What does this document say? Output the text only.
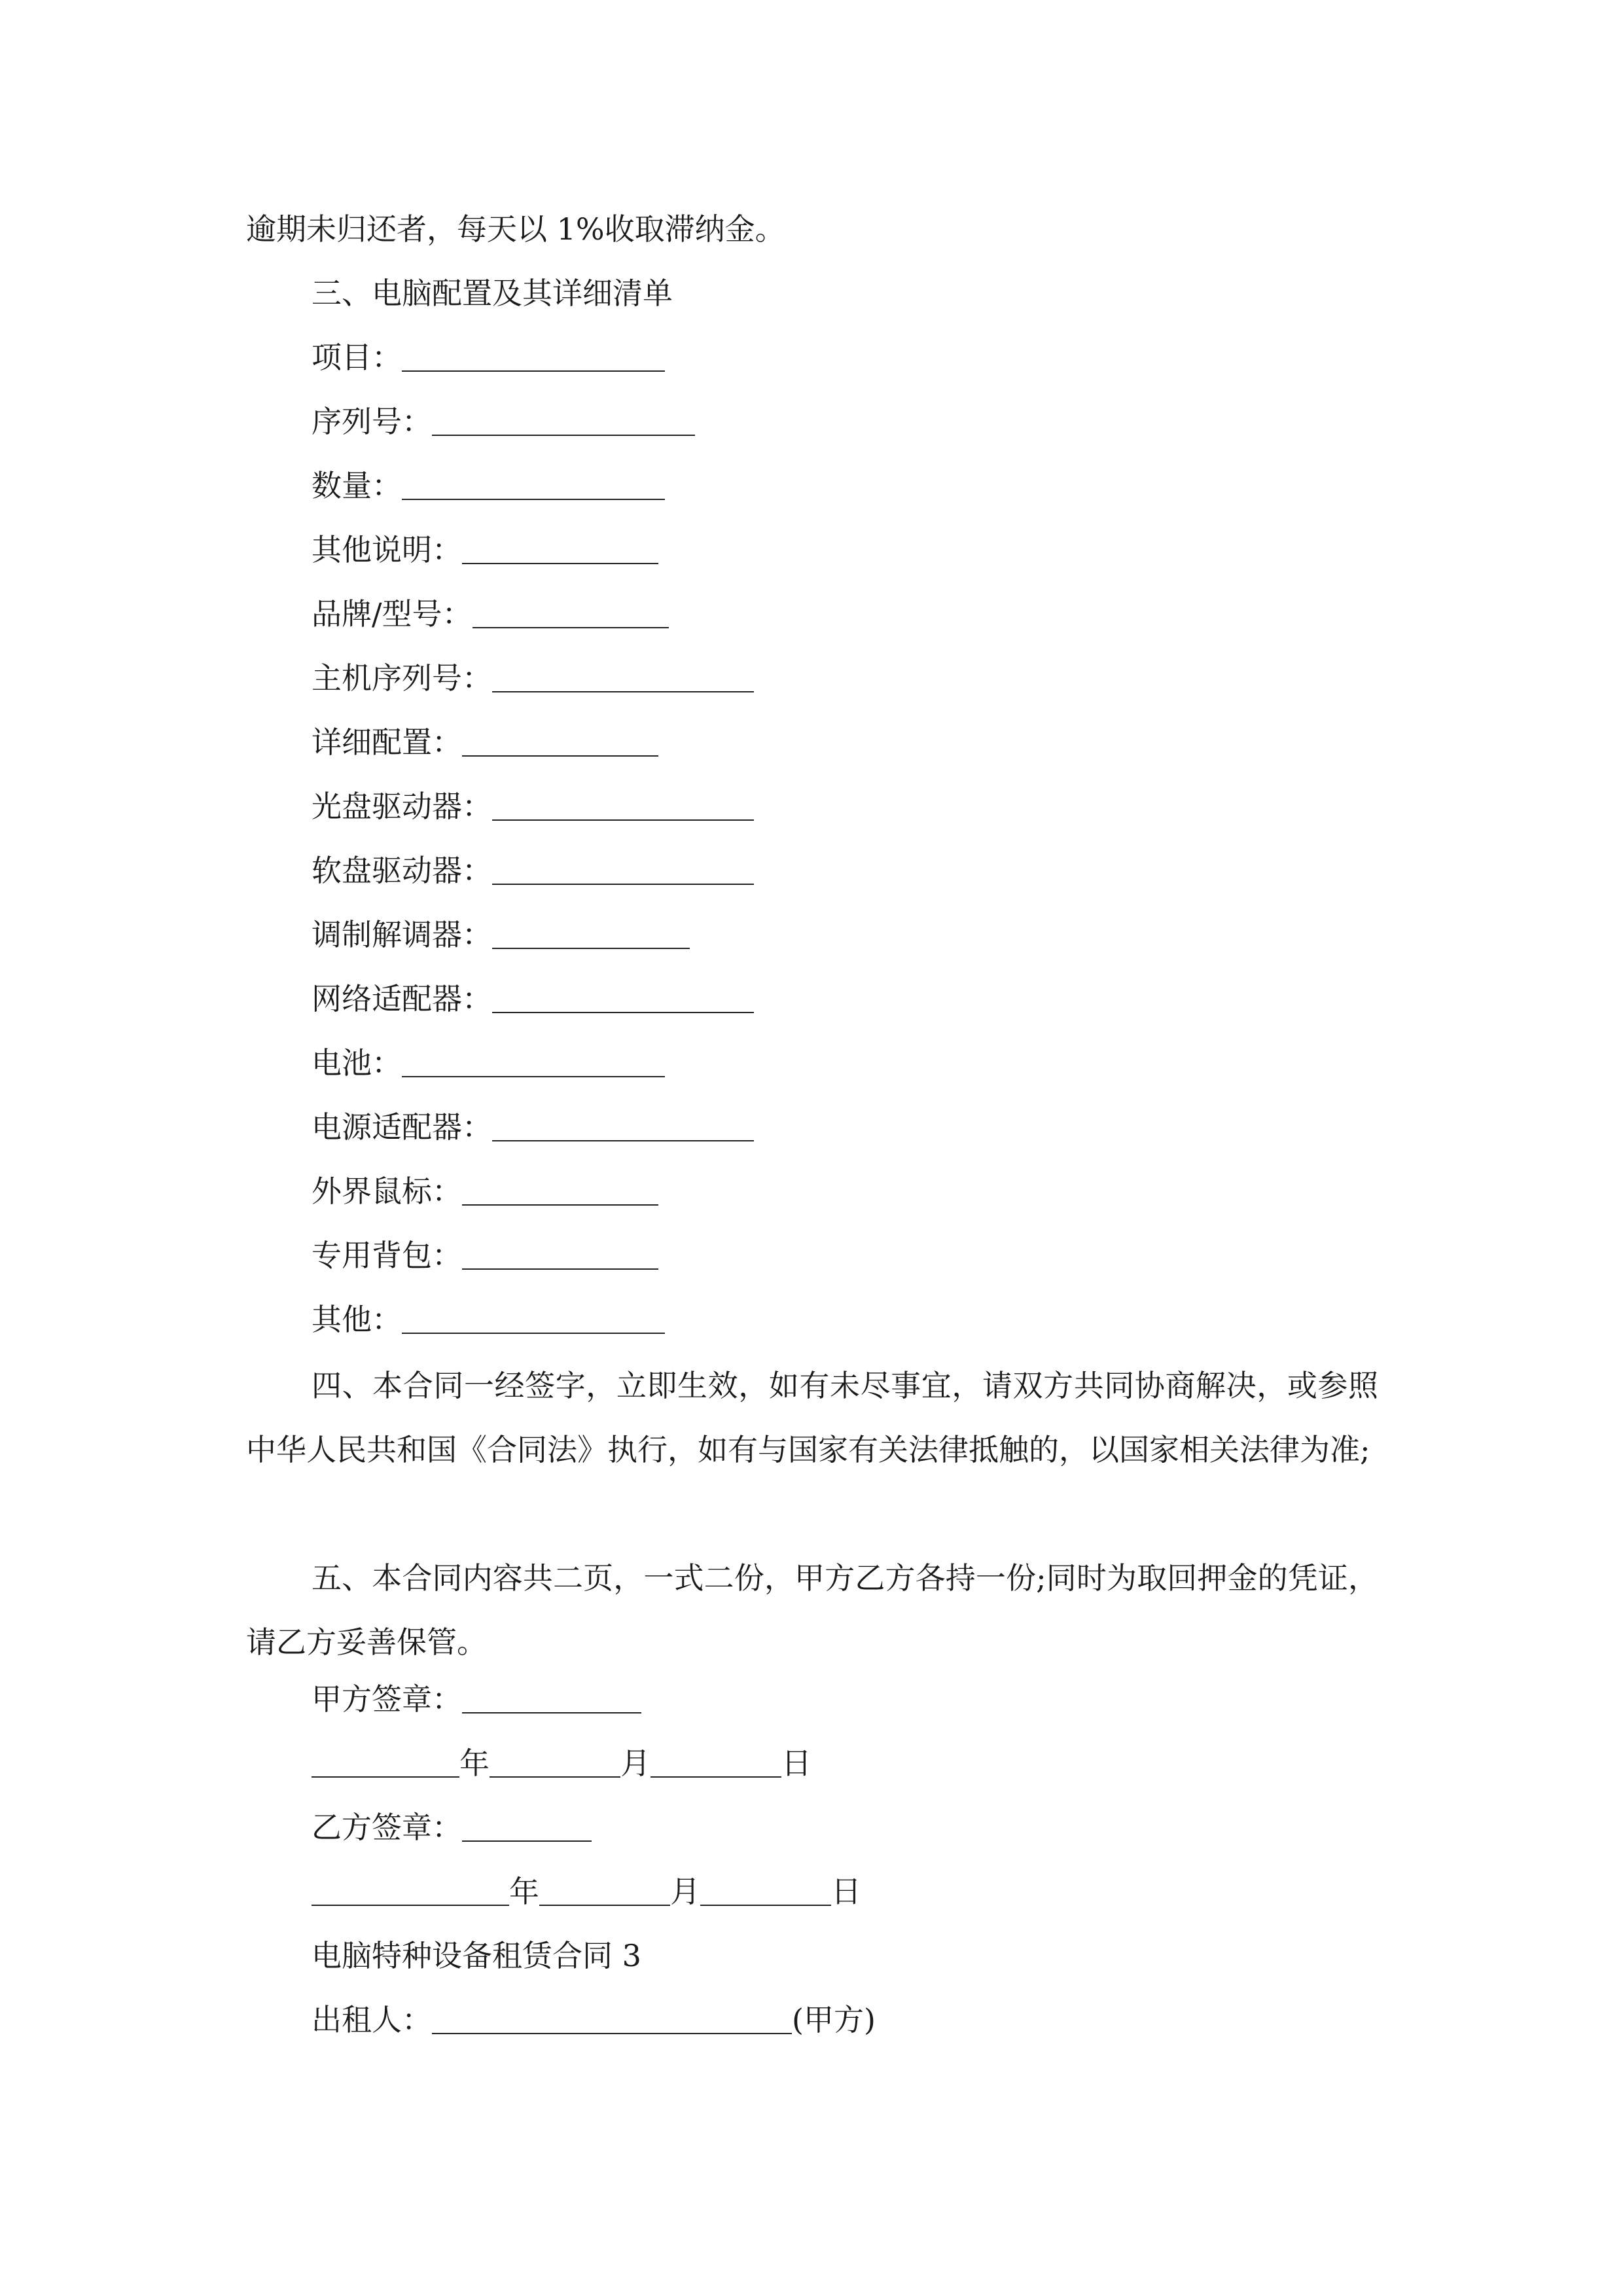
逾期未归还者，每天以 1%收取滞纳金。
三、电脑配置及其详细清单
项目：
序列号：
数量：
其他说明：
品牌/型号：
主机序列号：
详细配置：
光盘驱动器：
软盘驱动器：
调制解调器：
网络适配器：
电池：
电源适配器：
外界鼠标：
专用背包：
其他：
四、本合同一经签字，立即生效，如有未尽事宜，请双方共同协商解决，或参照中华人民共和国《合同法》执行，如有与国家有关法律抵触的，以国家相关法律为准;
五、本合同内容共二页，一式二份，甲方乙方各持一份;同时为取回押金的凭证，请乙方妥善保管。
甲方签章：
年	月	日
乙方签章：
年	月	日
电脑特种设备租赁合同 3
出租人：	(甲方)
